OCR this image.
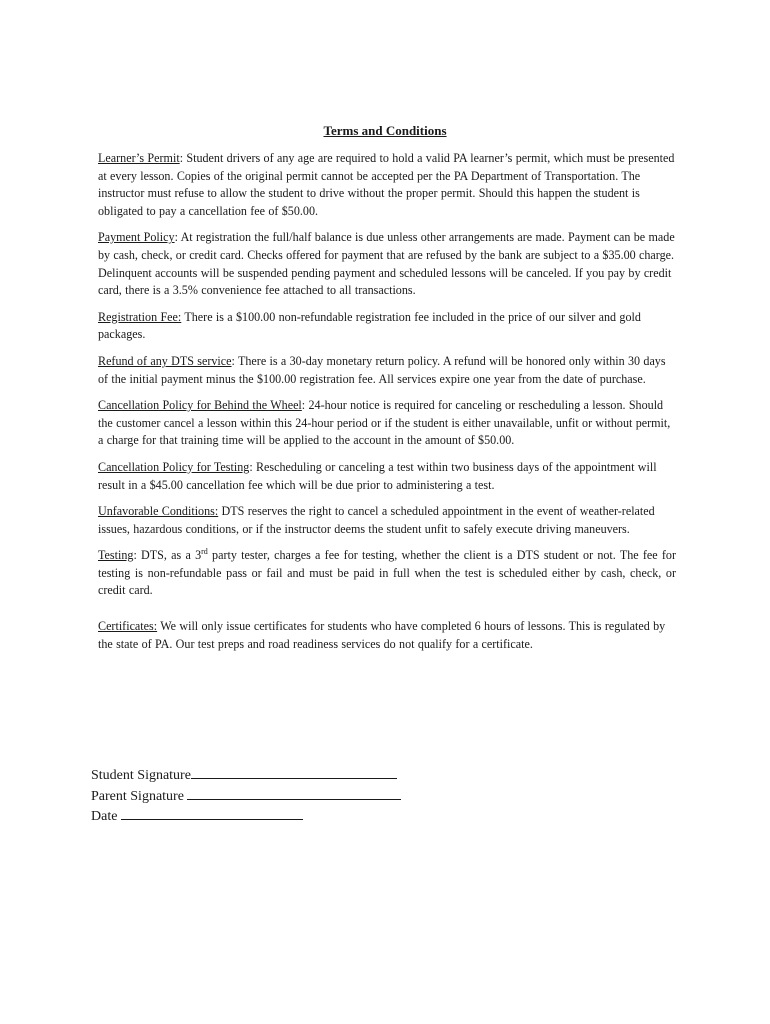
Terms and Conditions

Learner’s Permit: Student drivers of any age are required to hold a valid PA learner’s permit, which must be presented at every lesson. Copies of the original permit cannot be accepted per the PA Department of Transportation. The instructor must refuse to allow the student to drive without the proper permit. Should this happen the student is obligated to pay a cancellation fee of $50.00.

Payment Policy: At registration the full/half balance is due unless other arrangements are made. Payment can be made by cash, check, or credit card. Checks offered for payment that are refused by the bank are subject to a $35.00 charge. Delinquent accounts will be suspended pending payment and scheduled lessons will be canceled. If you pay by credit card, there is a 3.5% convenience fee attached to all transactions.

Registration Fee: There is a $100.00 non-refundable registration fee included in the price of our silver and gold packages.

Refund of any DTS service: There is a 30-day monetary return policy. A refund will be honored only within 30 days of the initial payment minus the $100.00 registration fee. All services expire one year from the date of purchase.

Cancellation Policy for Behind the Wheel: 24-hour notice is required for canceling or rescheduling a lesson. Should the customer cancel a lesson within this 24-hour period or if the student is either unavailable, unfit or without permit, a charge for that training time will be applied to the account in the amount of $50.00.

Cancellation Policy for Testing: Rescheduling or canceling a test within two business days of the appointment will result in a $45.00 cancellation fee which will be due prior to administering a test.

Unfavorable Conditions: DTS reserves the right to cancel a scheduled appointment in the event of weather-related issues, hazardous conditions, or if the instructor deems the student unfit to safely execute driving maneuvers.

Testing: DTS, as a 3rd party tester, charges a fee for testing, whether the client is a DTS student or not. The fee for testing is non-refundable pass or fail and must be paid in full when the test is scheduled either by cash, check, or credit card.

Certificates: We will only issue certificates for students who have completed 6 hours of lessons. This is regulated by the state of PA. Our test preps and road readiness services do not qualify for a certificate.

Student Signature
Parent Signature
Date
